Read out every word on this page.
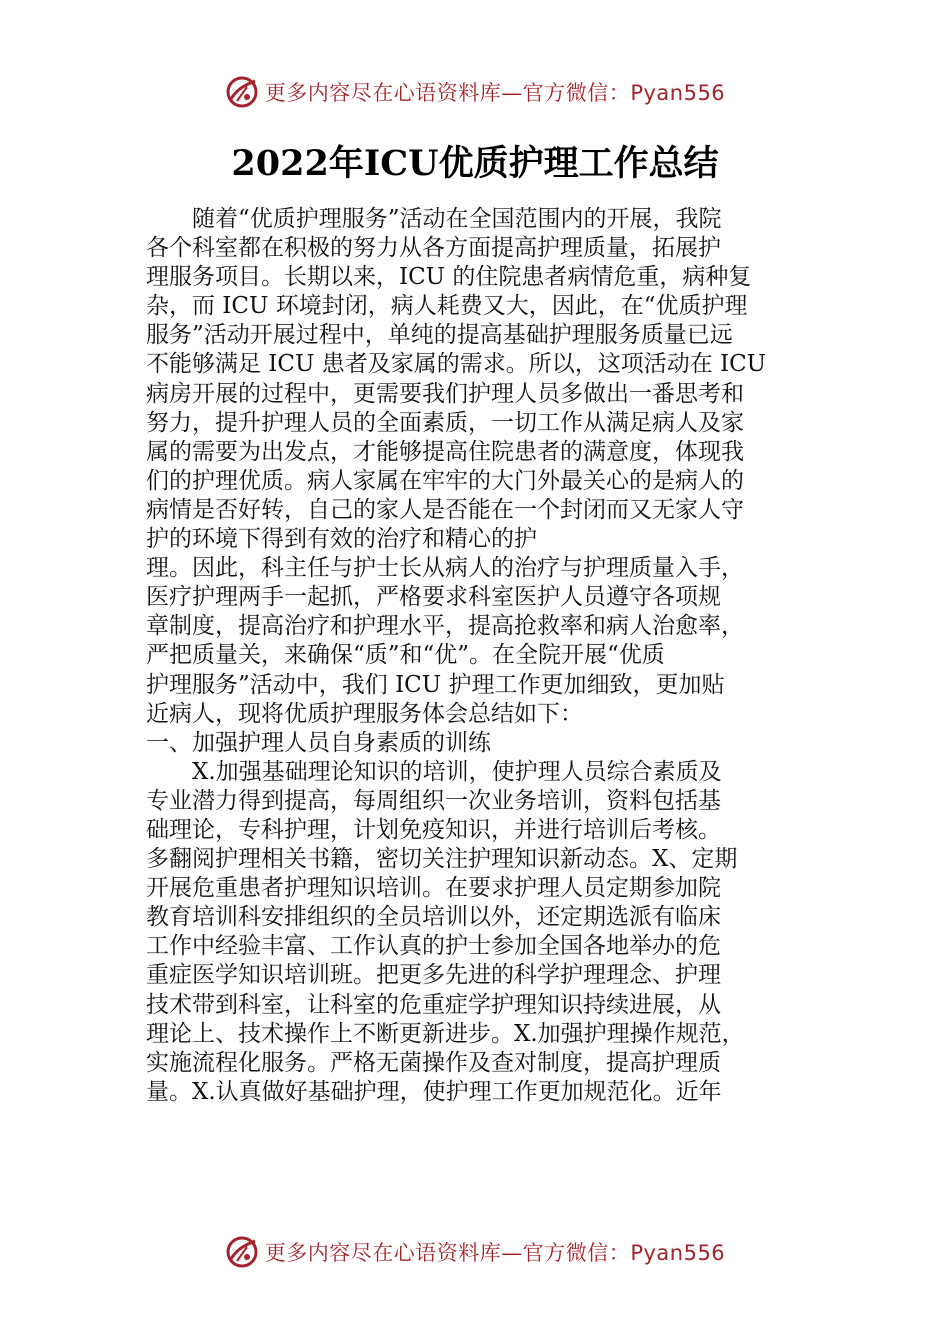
更多内容尽在心语资料库—官方微信：Pyan556
2022年ICU优质护理工作总结
　　随着“优质护理服务”活动在全国范围内的开展，我院
各个科室都在积极的努力从各方面提高护理质量，拓展护
理服务项目。长期以来，ICU 的住院患者病情危重，病种复
杂，而 ICU 环境封闭，病人耗费又大，因此，在“优质护理
服务”活动开展过程中，单纯的提高基础护理服务质量已远
不能够满足 ICU 患者及家属的需求。所以，这项活动在 ICU
病房开展的过程中，更需要我们护理人员多做出一番思考和
努力，提升护理人员的全面素质，一切工作从满足病人及家
属的需要为出发点，才能够提高住院患者的满意度，体现我
们的护理优质。病人家属在牢牢的大门外最关心的是病人的
病情是否好转，自己的家人是否能在一个封闭而又无家人守
护的环境下得到有效的治疗和精心的护
理。因此，科主任与护士长从病人的治疗与护理质量入手，
医疗护理两手一起抓，严格要求科室医护人员遵守各项规
章制度，提高治疗和护理水平，提高抢救率和病人治愈率，
严把质量关，来确保“质”和“优”。在全院开展“优质
护理服务”活动中，我们 ICU 护理工作更加细致，更加贴
近病人，现将优质护理服务体会总结如下：
一、加强护理人员自身素质的训练
　　X.加强基础理论知识的培训，使护理人员综合素质及
专业潜力得到提高，每周组织一次业务培训，资料包括基
础理论，专科护理，计划免疫知识，并进行培训后考核。
多翻阅护理相关书籍，密切关注护理知识新动态。X、定期
开展危重患者护理知识培训。在要求护理人员定期参加院
教育培训科安排组织的全员培训以外，还定期选派有临床
工作中经验丰富、工作认真的护士参加全国各地举办的危
重症医学知识培训班。把更多先进的科学护理理念、护理
技术带到科室，让科室的危重症学护理知识持续进展，从
理论上、技术操作上不断更新进步。X.加强护理操作规范，
实施流程化服务。严格无菌操作及查对制度，提高护理质
量。X.认真做好基础护理，使护理工作更加规范化。近年
更多内容尽在心语资料库—官方微信：Pyan556
